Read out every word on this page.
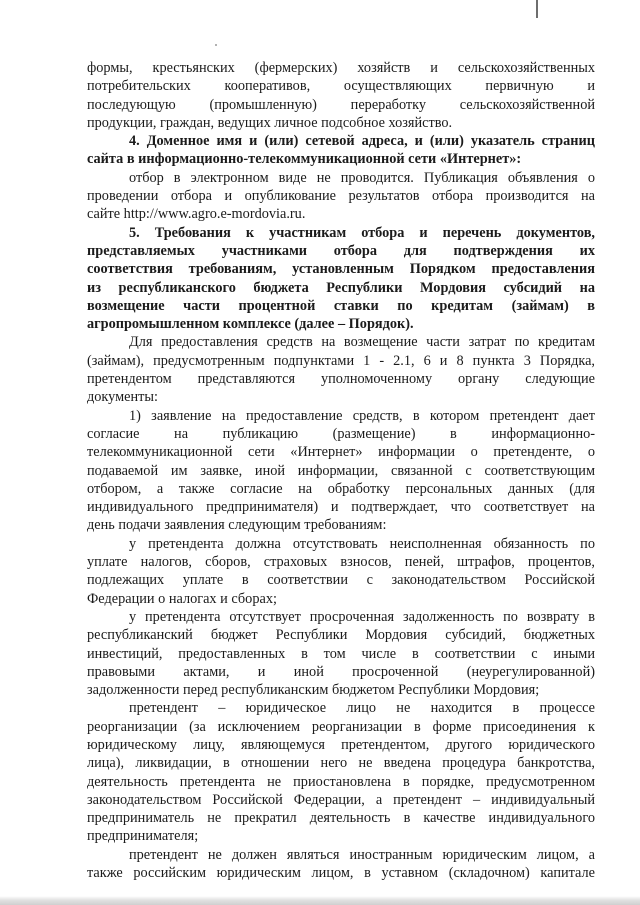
формы, крестьянских (фермерских) хозяйств и сельскохозяйственных
потребительских кооперативов, осуществляющих первичную и
последующую (промышленную) переработку сельскохозяйственной
продукции, граждан, ведущих личное подсобное хозяйство.
4. Доменное имя и (или) сетевой адреса, и (или) указатель страниц
сайта в информационно-телекоммуникационной сети «Интернет»:
отбор в электронном виде не проводится. Публикация объявления о
проведении отбора и опубликование результатов отбора производится на
сайте http://www.agro.e-mordovia.ru.
5. Требования к участникам отбора и перечень документов,
представляемых участниками отбора для подтверждения их
соответствия требованиям, установленным Порядком предоставления
из республиканского бюджета Республики Мордовия субсидий на
возмещение части процентной ставки по кредитам (займам) в
агропромышленном комплексе (далее – Порядок).
Для предоставления средств на возмещение части затрат по кредитам
(займам), предусмотренным подпунктами 1 - 2.1, 6 и 8 пункта 3 Порядка,
претендентом представляются уполномоченному органу следующие
документы:
1) заявление на предоставление средств, в котором претендент дает
согласие на публикацию (размещение) в информационно-
телекоммуникационной сети «Интернет» информации о претенденте, о
подаваемой им заявке, иной информации, связанной с соответствующим
отбором, а также согласие на обработку персональных данных (для
индивидуального предпринимателя) и подтверждает, что соответствует на
день подачи заявления следующим требованиям:
у претендента должна отсутствовать неисполненная обязанность по
уплате налогов, сборов, страховых взносов, пеней, штрафов, процентов,
подлежащих уплате в соответствии с законодательством Российской
Федерации о налогах и сборах;
у претендента отсутствует просроченная задолженность по возврату в
республиканский бюджет Республики Мордовия субсидий, бюджетных
инвестиций, предоставленных в том числе в соответствии с иными
правовыми актами, и иной просроченной (неурегулированной)
задолженности перед республиканским бюджетом Республики Мордовия;
претендент – юридическое лицо не находится в процессе
реорганизации (за исключением реорганизации в форме присоединения к
юридическому лицу, являющемуся претендентом, другого юридического
лица), ликвидации, в отношении него не введена процедура банкротства,
деятельность претендента не приостановлена в порядке, предусмотренном
законодательством Российской Федерации, а претендент – индивидуальный
предприниматель не прекратил деятельность в качестве индивидуального
предпринимателя;
претендент не должен являться иностранным юридическим лицом, а
также российским юридическим лицом, в уставном (складочном) капитале
